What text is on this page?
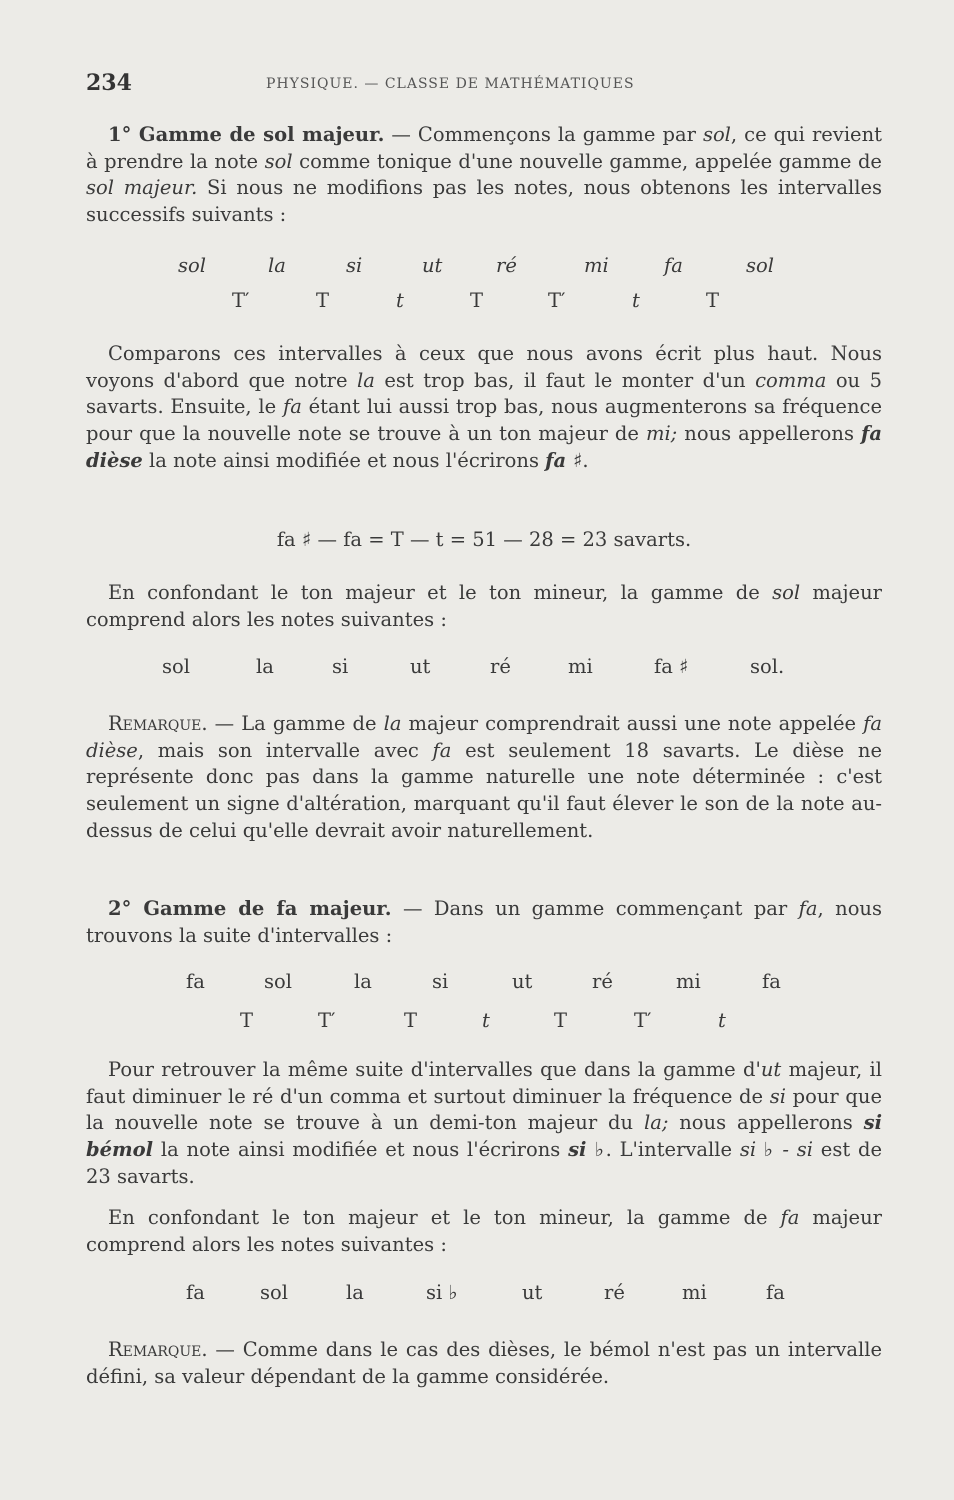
234	PHYSIQUE. — CLASSE DE MATHÉMATIQUES

1° Gamme de sol majeur. — Commençons la gamme par sol, ce qui revient à prendre la note sol comme tonique d'une nouvelle gamme, appelée gamme de sol majeur. Si nous ne modifions pas les notes, nous obtenons les intervalles successifs suivants :

sol	la	si	ut	ré	mi	fa	sol
T′	T	t	T	T′	t	T

Comparons ces intervalles à ceux que nous avons écrit plus haut. Nous voyons d'abord que notre la est trop bas, il faut le monter d'un comma ou 5 savarts. Ensuite, le fa étant lui aussi trop bas, nous augmenterons sa fréquence pour que la nouvelle note se trouve à un ton majeur de mi; nous appellerons fa dièse la note ainsi modifiée et nous l'écrirons fa ♯.

fa ♯ — fa = T — t = 51 — 28 = 23 savarts.

En confondant le ton majeur et le ton mineur, la gamme de sol majeur comprend alors les notes suivantes :

sol	la	si	ut	ré	mi	fa ♯	sol.

Remarque. — La gamme de la majeur comprendrait aussi une note appelée fa dièse, mais son intervalle avec fa est seulement 18 savarts. Le dièse ne représente donc pas dans la gamme naturelle une note déterminée : c'est seulement un signe d'altération, marquant qu'il faut élever le son de la note au-dessus de celui qu'elle devrait avoir naturellement.

2° Gamme de fa majeur. — Dans un gamme commençant par fa, nous trouvons la suite d'intervalles :

fa	sol	la	si	ut	ré	mi	fa
T	T′	T	t	T	T′	t

Pour retrouver la même suite d'intervalles que dans la gamme d'ut majeur, il faut diminuer le ré d'un comma et surtout diminuer la fréquence de si pour que la nouvelle note se trouve à un demi-ton majeur du la; nous appellerons si bémol la note ainsi modifiée et nous l'écrirons si ♭. L'intervalle si ♭ - si est de 23 savarts.

En confondant le ton majeur et le ton mineur, la gamme de fa majeur comprend alors les notes suivantes :

fa	sol	la	si ♭	ut	ré	mi	fa

Remarque. — Comme dans le cas des dièses, le bémol n'est pas un intervalle défini, sa valeur dépendant de la gamme considérée.
